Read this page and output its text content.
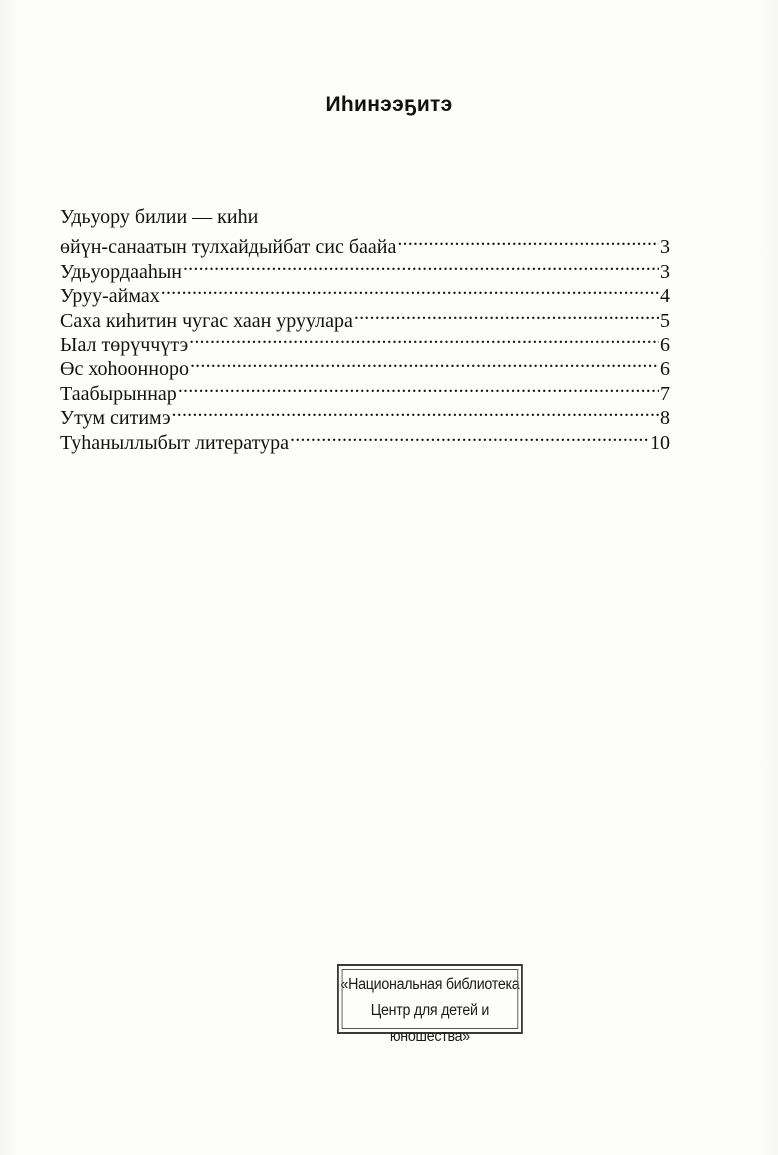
Иһинээҕитэ
Удьуору билии — киһи
өйүн-санаатын тулхайдыйбат сис баайа .....	3
Удьуордааһын .....	3
Уруу-аймах .....	4
Саха киһитин чугас хаан урууларa .....	5
Ыал төрүччүтэ .....	6
Өс хоһооннорo .....	6
Таабырыннар .....	7
Утум ситимэ .....	8
Туһаныллыбыт литература .....	10
«Национальная библиотека
Центр для детей и юношества»
